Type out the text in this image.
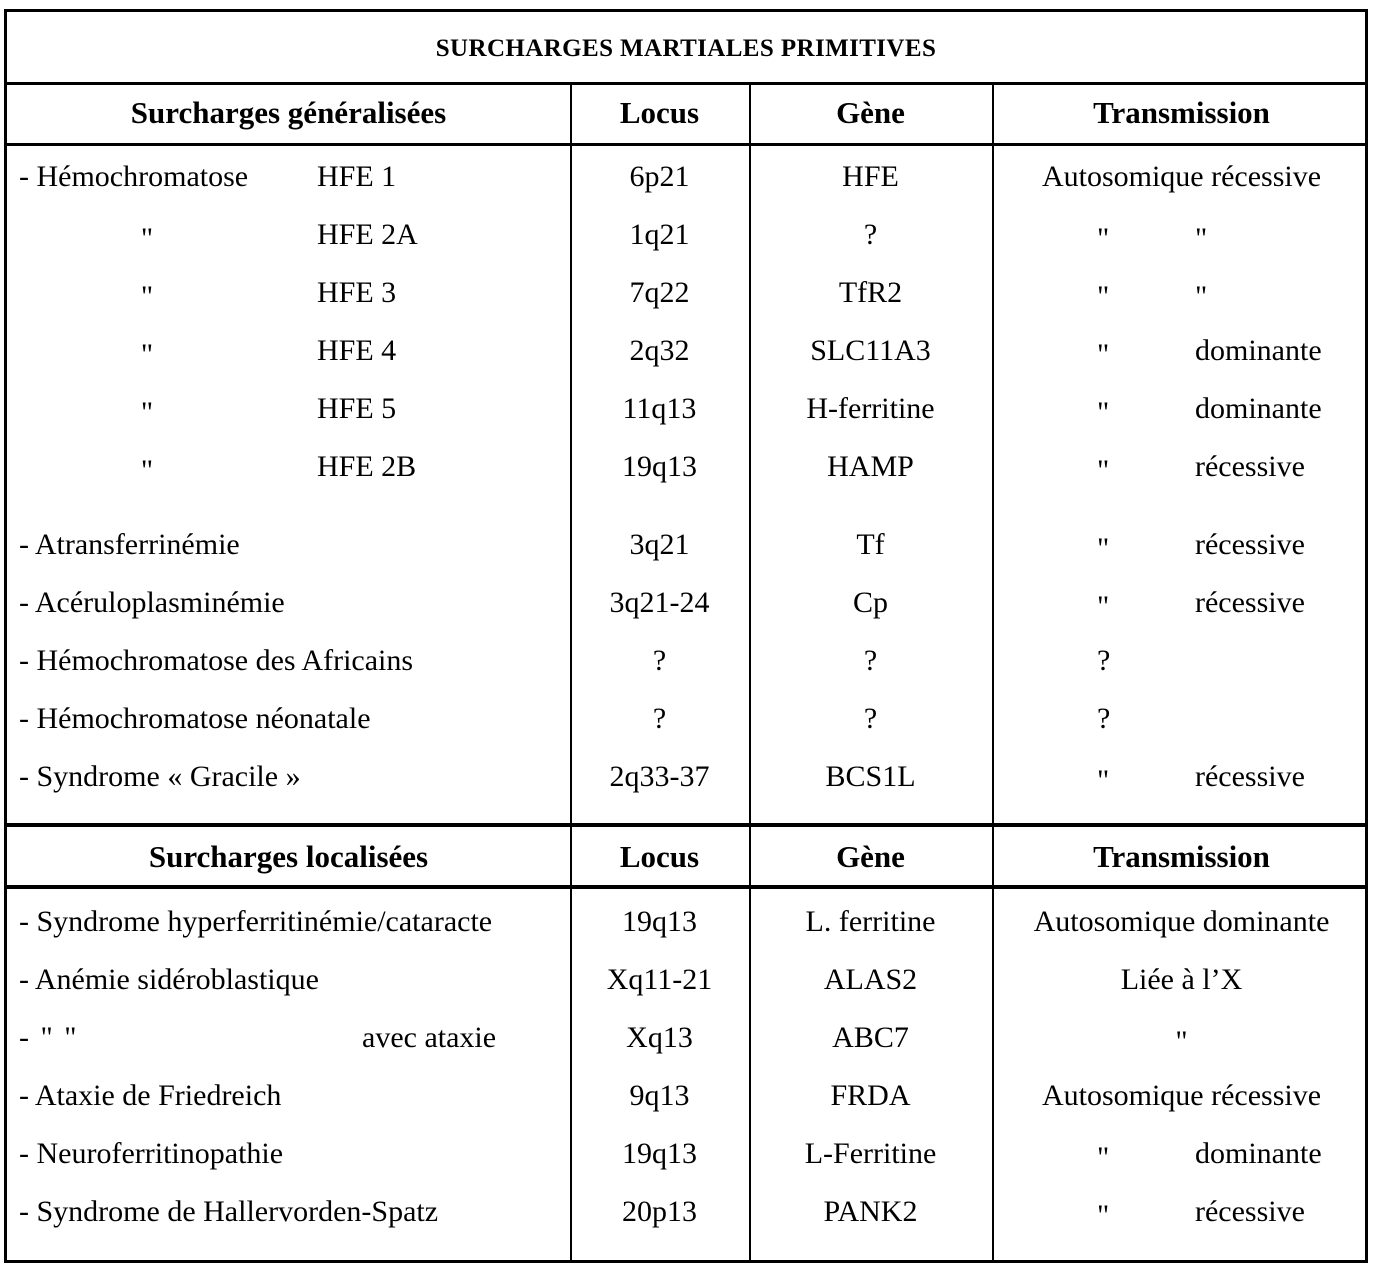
SURCHARGES MARTIALES PRIMITIVES
Surcharges généralisées	Locus	Gène	Transmission
- Hémochromatose HFE 1	6p21	HFE	Autosomique récessive
"	HFE 2A	1q21	?	"	"
"	HFE 3	7q22	TfR2	"	"
"	HFE 4	2q32	SLC11A3	"	dominante
"	HFE 5	11q13	H-ferritine	"	dominante
"	HFE 2B	19q13	HAMP	"	récessive
- Atransferrinémie	3q21	Tf	"	récessive
- Acéruloplasminémie	3q21-24	Cp	"	récessive
- Hémochromatose des Africains	?	?	?
- Hémochromatose néonatale	?	?	?
- Syndrome « Gracile »	2q33-37	BCS1L	"	récessive
Surcharges localisées	Locus	Gène	Transmission
- Syndrome hyperferritinémie/cataracte	19q13	L. ferritine	Autosomique dominante
- Anémie sidéroblastique	Xq11-21	ALAS2	Liée à l’X
- " "	avec ataxie	Xq13	ABC7	"
- Ataxie de Friedreich	9q13	FRDA	Autosomique récessive
- Neuroferritinopathie	19q13	L-Ferritine	"	dominante
- Syndrome de Hallervorden-Spatz	20p13	PANK2	"	récessive
